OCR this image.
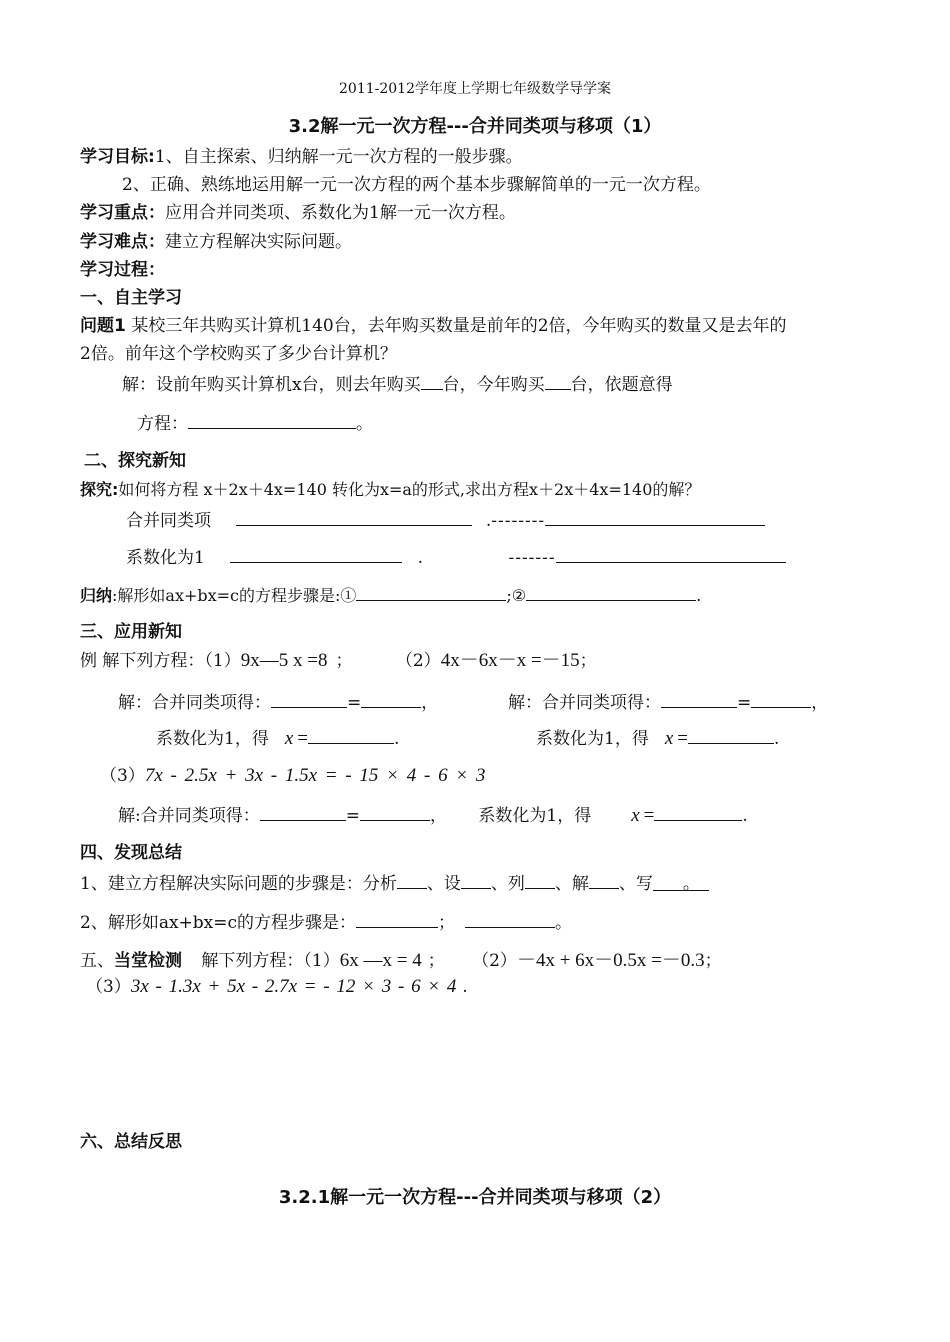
2011-2012学年度上学期七年级数学导学案
3.2解一元一次方程---合并同类项与移项（1）
学习目标:1、自主探索、归纳解一元一次方程的一般步骤。
2、正确、熟练地运用解一元一次方程的两个基本步骤解简单的一元一次方程。
学习重点：应用合并同类项、系数化为1解一元一次方程。
学习难点：建立方程解决实际问题。
学习过程：
一、自主学习
问题1 某校三年共购买计算机140台，去年购买数量是前年的2倍，今年购买的数量又是去年的
2倍。前年这个学校购买了多少台计算机？
解：设前年购买计算机x台，则去年购买 台，今年购买 台，依题意得
方程：	。
二、探究新知
探究:如何将方程 x＋2x＋4x=140 转化为x=a的形式,求出方程x＋2x＋4x=140的解？
合并同类项	.--------
系数化为1	.	-------
归纳:解形如ax+bx=c的方程步骤是:①	;②	.
三、应用新知
例 解下列方程：（1）9x—5 x =8 ；	（2）4x－6x－x =－15；
解：合并同类项得：	=	，	解：合并同类项得：	=	，
系数化为1，得 x =	.	系数化为1，得 x =	.
（3）7x - 2.5x + 3x - 1.5x = - 15 × 4 - 6 × 3
解:合并同类项得：	=	， 系数化为1，得 x =	.
四、发现总结
1、建立方程解决实际问题的步骤是：分析 、设 、列 、解 、写 。
2、解形如ax+bx=c的方程步骤是：	；	。
五、当堂检测 解下列方程：（1）6x —x = 4 ； （2）－4x + 6x－0.5x =－0.3；
（3）3x - 1.3x + 5x - 2.7x = - 12 × 3 - 6 × 4 .
六、总结反思
3.2.1解一元一次方程---合并同类项与移项（2）
